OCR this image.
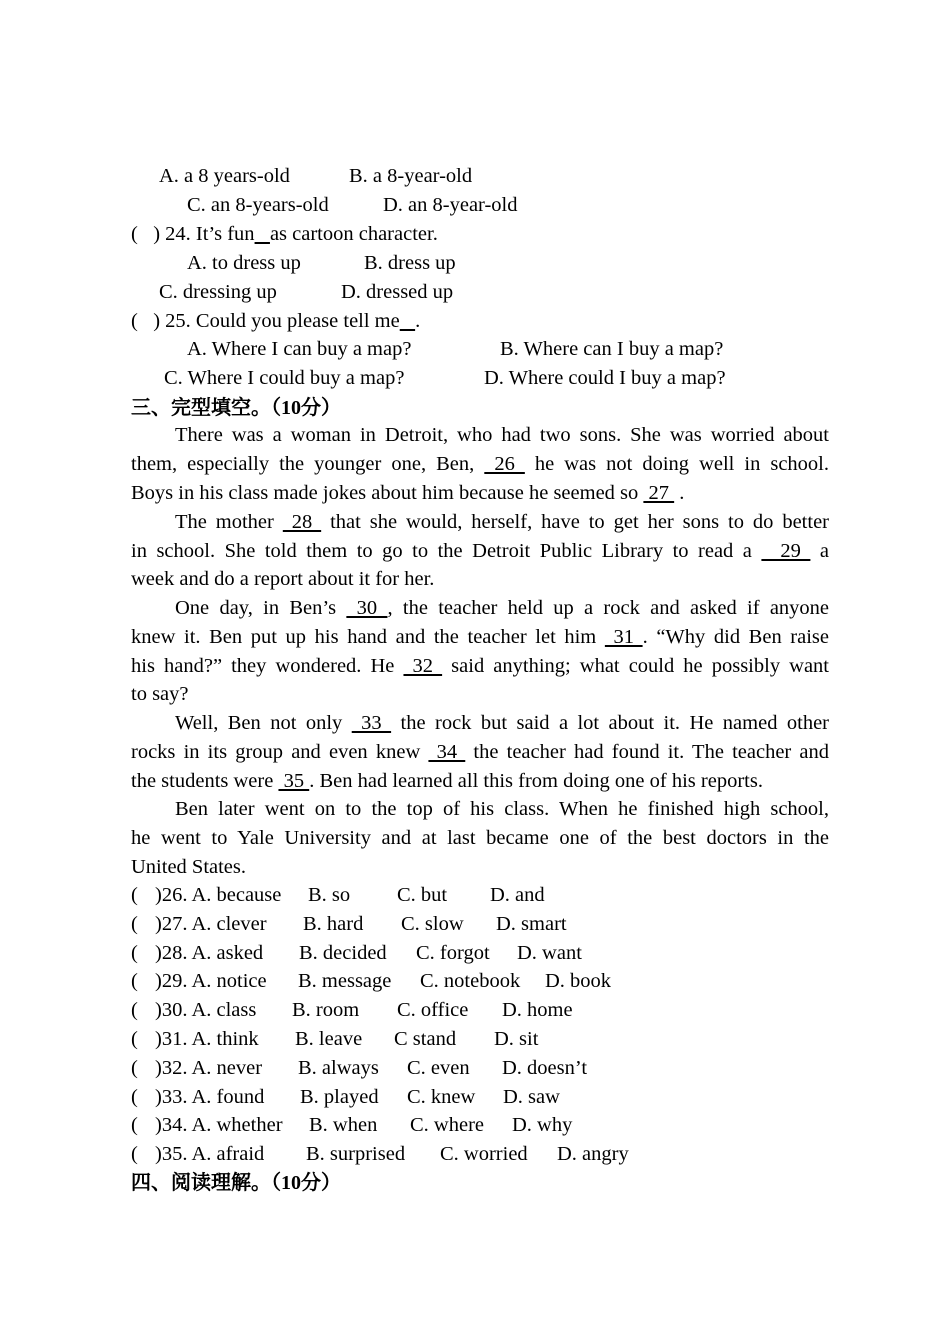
A. a 8 years-old	B. a 8-year-old
C. an 8-years-old	D. an 8-year-old
( ) 24. It’s fun as cartoon character.
A. to dress up	B. dress up
C. dressing up	D. dressed up
( ) 25. Could you please tell me .
A. Where I can buy a map?	B. Where can I buy a map?
C. Where I could buy a map?	D. Where could I buy a map?
三、完型填空。（10分）
There was a woman in Detroit, who had two sons. She was worried about
them, especially the younger one, Ben,  26  he was not doing well in school.
Boys in his class made jokes about him because he seemed so  27  .
The mother  28  that she would, herself, have to get her sons to do better
in school. She told them to go to the Detroit Public Library to read a   29  a
week and do a report about it for her.
One day, in Ben’s  30 , the teacher held up a rock and asked if anyone
knew it. Ben put up his hand and the teacher let him  31 . “Why did Ben raise
his hand?” they wondered. He  32  said anything; what could he possibly want
to say?
Well, Ben not only  33  the rock but said a lot about it. He named other
rocks in its group and even knew  34  the teacher had found it. The teacher and
the students were  35 . Ben had learned all this from doing one of his reports.
Ben later went on to the top of his class. When he finished high school,
he went to Yale University and at last became one of the best doctors in the
United States.
( )26. A. because B. so C. but D. and
( )27. A. clever B. hard C. slow D. smart
( )28. A. asked B. decided C. forgot D. want
( )29. A. notice B. message C. notebook D. book
( )30. A. class B. room C. office D. home
( )31. A. think B. leave C stand D. sit
( )32. A. never B. always C. even D. doesn’t
( )33. A. found B. played C. knew D. saw
( )34. A. whether B. when C. where D. why
( )35. A. afraid B. surprised C. worried D. angry
四、阅读理解。（10分）
